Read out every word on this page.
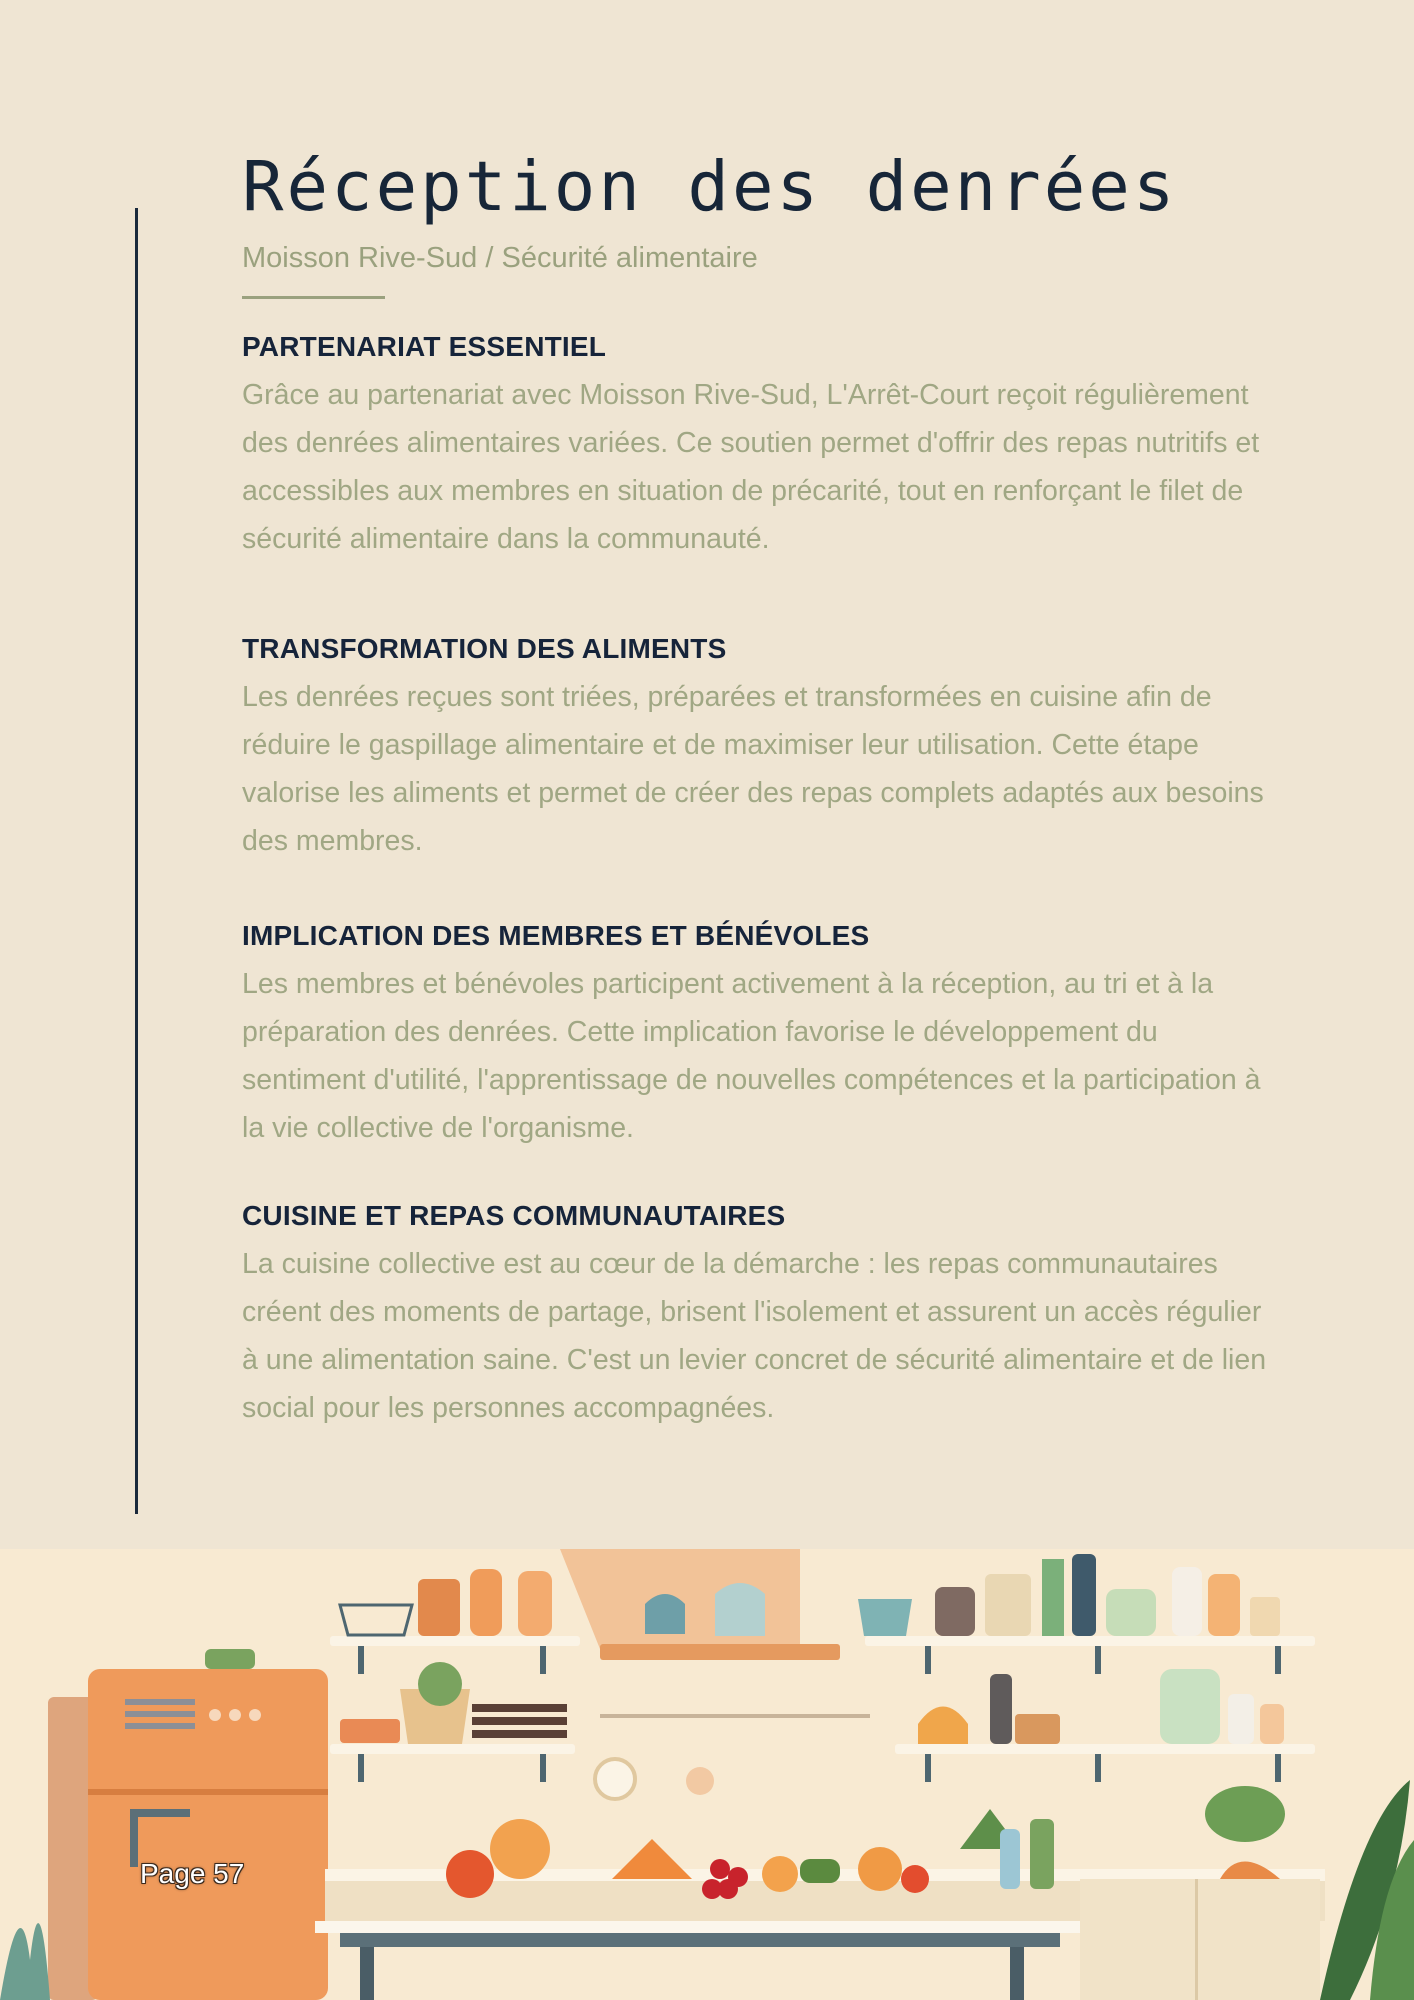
Réception des denrées
Moisson Rive-Sud / Sécurité alimentaire
PARTENARIAT ESSENTIEL

Grâce au partenariat avec Moisson Rive-Sud, L'Arrêt-Court reçoit régulièrement des denrées alimentaires variées. Ce soutien permet d'offrir des repas nutritifs et accessibles aux membres en situation de précarité, tout en renforçant le filet de sécurité alimentaire dans la communauté.

TRANSFORMATION DES ALIMENTS

Les denrées reçues sont triées, préparées et transformées en cuisine afin de réduire le gaspillage alimentaire et de maximiser leur utilisation. Cette étape valorise les aliments et permet de créer des repas complets adaptés aux besoins des membres.

IMPLICATION DES MEMBRES ET BÉNÉVOLES

Les membres et bénévoles participent activement à la réception, au tri et à la préparation des denrées. Cette implication favorise le développement du sentiment d'utilité, l'apprentissage de nouvelles compétences et la participation à la vie collective de l'organisme.

CUISINE ET REPAS COMMUNAUTAIRES

La cuisine collective est au cœur de la démarche : les repas communautaires créent des moments de partage, brisent l'isolement et assurent un accès régulier à une alimentation saine. C'est un levier concret de sécurité alimentaire et de lien social pour les personnes accompagnées.

Page 57
